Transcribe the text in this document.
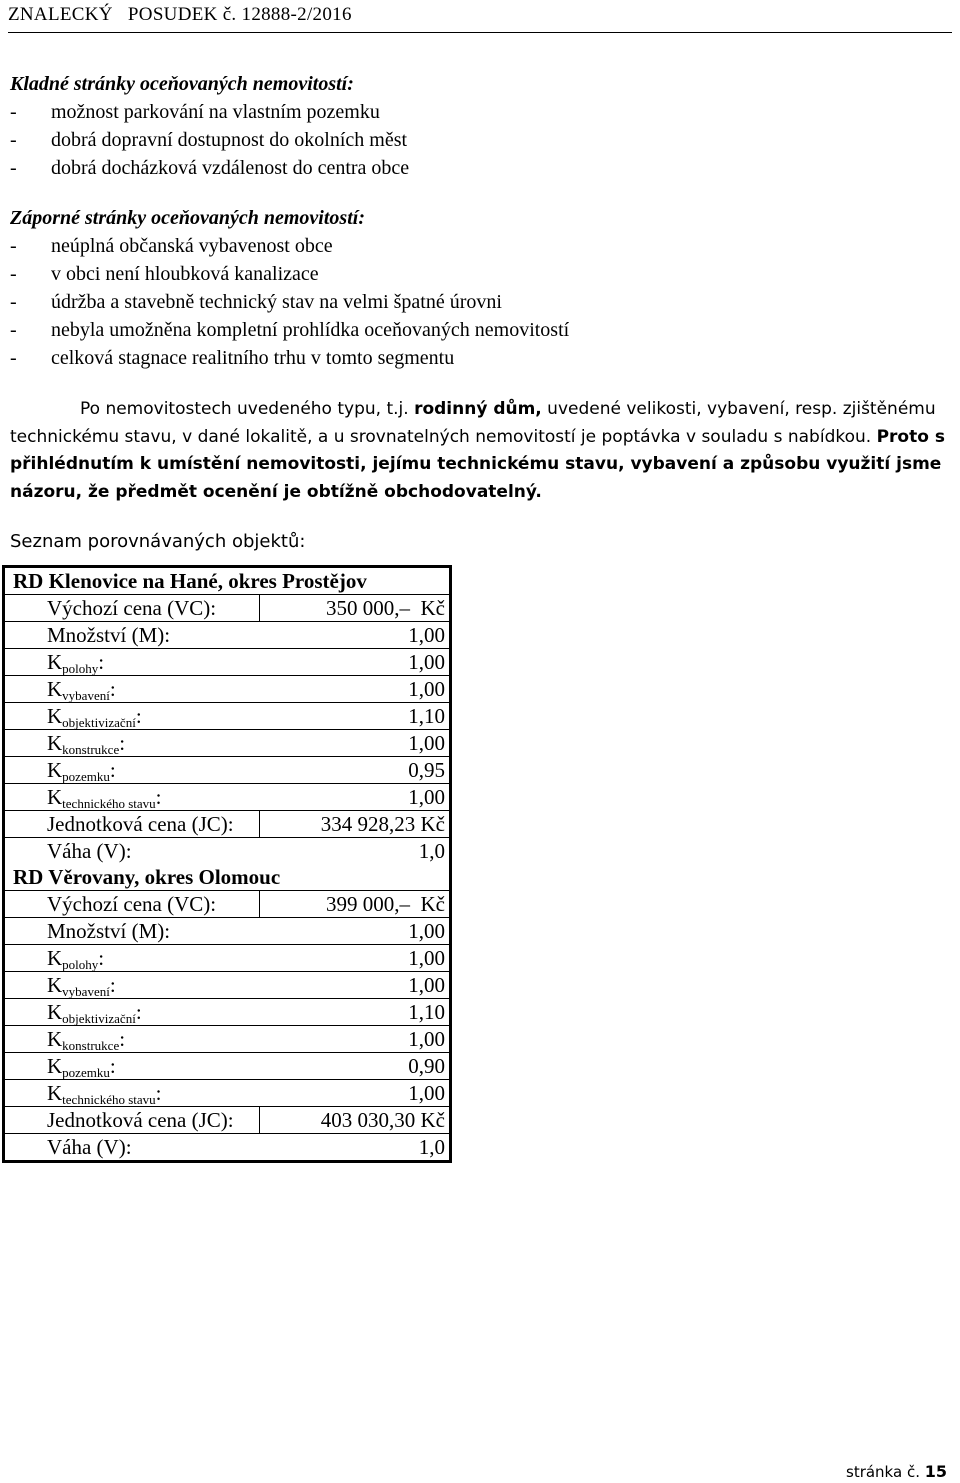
ZNALECKÝ   POSUDEK č. 12888-2/2016
Kladné stránky oceňovaných nemovitostí:
-	možnost parkování na vlastním pozemku
-	dobrá dopravní dostupnost do okolních měst
-	dobrá docházková vzdálenost do centra obce
Záporné stránky oceňovaných nemovitostí:
-	neúplná občanská vybavenost obce
-	v obci není hloubková kanalizace
-	údržba a stavebně technický stav na velmi špatné úrovni
-	nebyla umožněna kompletní prohlídka oceňovaných nemovitostí
-	celková stagnace realitního trhu v tomto segmentu
Po nemovitostech uvedeného typu, t.j. rodinný dům, uvedené velikosti, vybavení, resp. zjištěnému technickému stavu, v dané lokalitě, a u srovnatelných nemovitostí je poptávka v souladu s nabídkou. Proto s přihlédnutím k umístění nemovitosti, jejímu technickému stavu, vybavení a způsobu využití jsme názoru, že předmět ocenění je obtížně obchodovatelný.
Seznam porovnávaných objektů:
RD Klenovice na Hané, okres Prostějov	
Výchozí cena (VC):	350 000,–  Kč
Množství (M):	1,00
$K_{polohy}$:	1,00
$K_{vybavení}$:	1,00
$K_{objektivizační}$:	1,10
$K_{konstrukce}$:	1,00
$K_{pozemku}$:	0,95
$K_{technického stavu}$:	1,00
Jednotková cena (JC):	334 928,23 Kč
Váha (V):	1,0
RD Věrovany, okres Olomouc	
Výchozí cena (VC):	399 000,–  Kč
Množství (M):	1,00
$K_{polohy}$:	1,00
$K_{vybavení}$:	1,00
$K_{objektivizační}$:	1,10
$K_{konstrukce}$:	1,00
$K_{pozemku}$:	0,90
$K_{technického stavu}$:	1,00
Jednotková cena (JC):	403 030,30 Kč
Váha (V):	1,0
stránka č. 15
